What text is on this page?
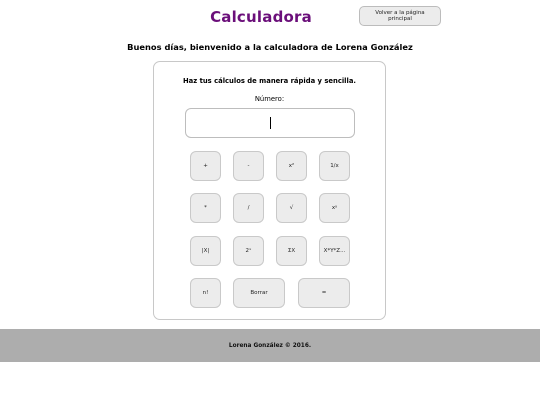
Calculadora	Volver a la página principal
Buenos días, bienvenido a la calculadora de Lorena González
Haz tus cálculos de manera rápida y sencilla.
Número:
+	-	x²	1/x
*	/	√	xʸ
|X|	2ˣ	ΣX	X*Y*Z...
n!	Borrar	=
Lorena González © 2016.
